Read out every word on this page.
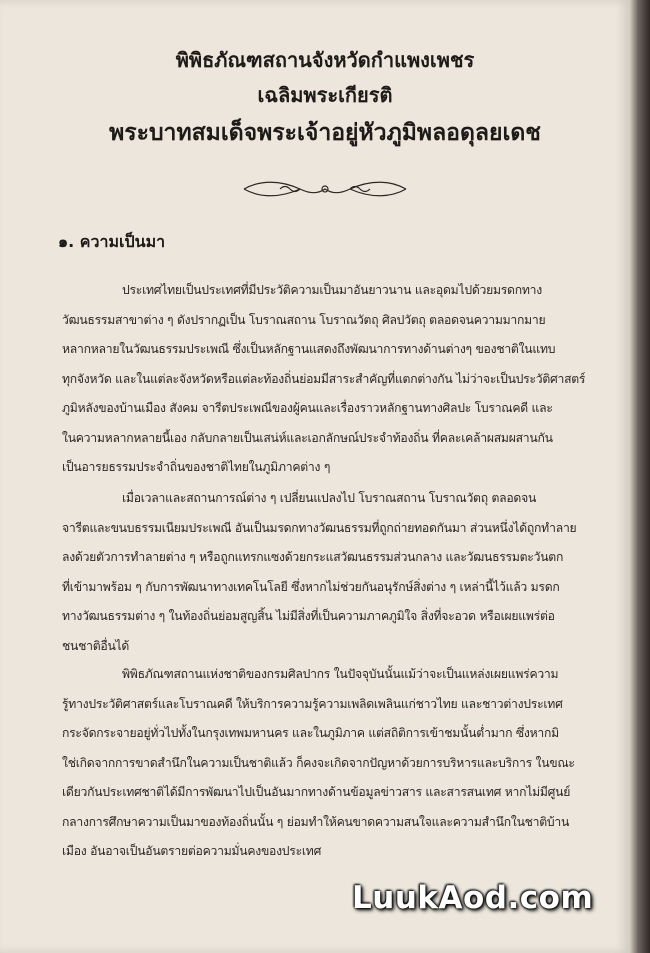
พิพิธภัณฑสถานจังหวัดกำแพงเพชร
เฉลิมพระเกียรติ
พระบาทสมเด็จพระเจ้าอยู่หัวภูมิพลอดุลยเดช
๑. ความเป็นมา
ประเทศไทยเป็นประเทศที่มีประวัติความเป็นมาอันยาวนาน และอุดมไปด้วยมรดกทาง
วัฒนธรรมสาขาต่าง ๆ ดังปรากฏเป็น โบราณสถาน โบราณวัตถุ ศิลปวัตถุ ตลอดจนความมากมาย
หลากหลายในวัฒนธรรมประเพณี ซึ่งเป็นหลักฐานแสดงถึงพัฒนาการทางด้านต่างๆ ของชาติในแทบ
ทุกจังหวัด และในแต่ละจังหวัดหรือแต่ละท้องถิ่นย่อมมีสาระสำคัญที่แตกต่างกัน ไม่ว่าจะเป็นประวัติศาสตร์
ภูมิหลังของบ้านเมือง สังคม จารีตประเพณีของผู้คนและเรื่องราวหลักฐานทางศิลปะ โบราณคดี และ
ในความหลากหลายนี้เอง กลับกลายเป็นเสน่ห์และเอกลักษณ์ประจำท้องถิ่น ที่คละเคล้าผสมผสานกัน
เป็นอารยธรรมประจำถิ่นของชาติไทยในภูมิภาคต่าง ๆ
เมื่อเวลาและสถานการณ์ต่าง ๆ เปลี่ยนแปลงไป โบราณสถาน โบราณวัตถุ ตลอดจน
จารีตและขนบธรรมเนียมประเพณี อันเป็นมรดกทางวัฒนธรรมที่ถูกถ่ายทอดกันมา ส่วนหนึ่งได้ถูกทำลาย
ลงด้วยตัวการทำลายต่าง ๆ หรือถูกแทรกแซงด้วยกระแสวัฒนธรรมส่วนกลาง และวัฒนธรรมตะวันตก
ที่เข้ามาพร้อม ๆ กับการพัฒนาทางเทคโนโลยี ซึ่งหากไม่ช่วยกันอนุรักษ์สิ่งต่าง ๆ เหล่านี้ไว้แล้ว มรดก
ทางวัฒนธรรมต่าง ๆ ในท้องถิ่นย่อมสูญสิ้น ไม่มีสิ่งที่เป็นความภาคภูมิใจ สิ่งที่จะอวด หรือเผยแพร่ต่อ
ชนชาติอื่นได้
พิพิธภัณฑสถานแห่งชาติของกรมศิลปากร ในปัจจุบันนั้นแม้ว่าจะเป็นแหล่งเผยแพร่ความ
รู้ทางประวัติศาสตร์และโบราณคดี ให้บริการความรู้ความเพลิดเพลินแก่ชาวไทย และชาวต่างประเทศ
กระจัดกระจายอยู่ทั่วไปทั้งในกรุงเทพมหานคร และในภูมิภาค แต่สถิติการเข้าชมนั้นต่ำมาก ซึ่งหากมิ
ใช่เกิดจากการขาดสำนึกในความเป็นชาติแล้ว ก็คงจะเกิดจากปัญหาด้วยการบริหารและบริการ ในขณะ
เดียวกันประเทศชาติได้มีการพัฒนาไปเป็นอันมากทางด้านข้อมูลข่าวสาร และสารสนเทศ หากไม่มีศูนย์
กลางการศึกษาความเป็นมาของท้องถิ่นนั้น ๆ ย่อมทำให้คนขาดความสนใจและความสำนึกในชาติบ้าน
เมือง อันอาจเป็นอันตรายต่อความมั่นคงของประเทศ
LuukAod.com
